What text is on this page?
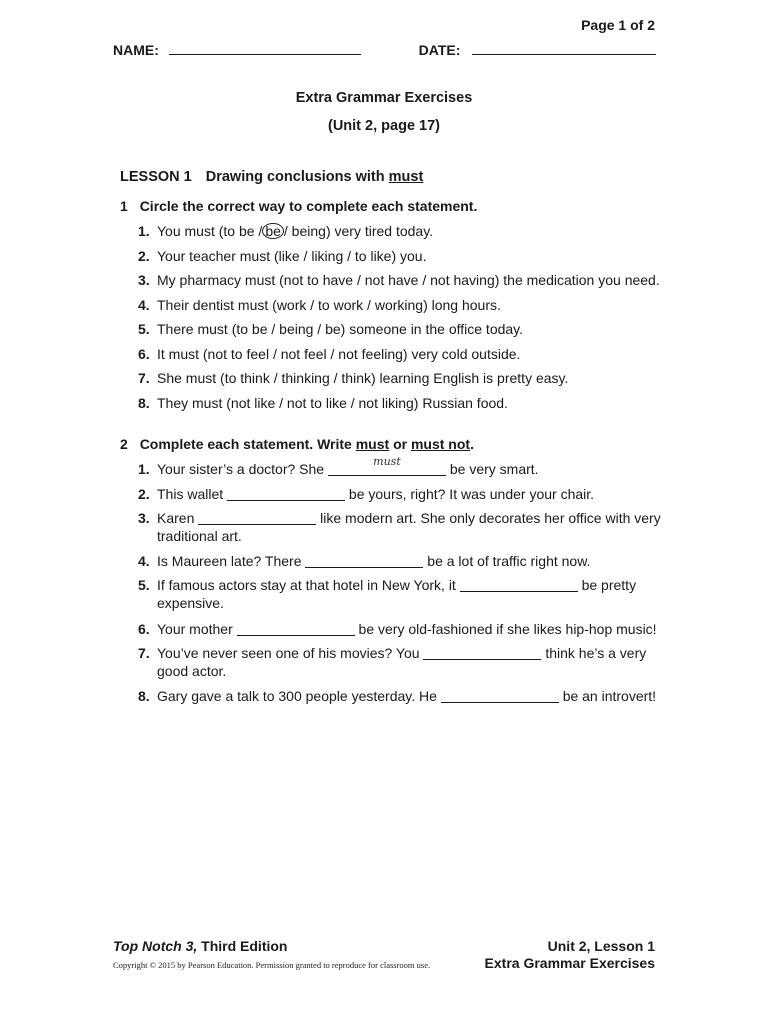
Page 1 of 2
NAME:	DATE:
Extra Grammar Exercises
(Unit 2, page 17)
LESSON 1 Drawing conclusions with must
1 Circle the correct way to complete each statement.
1. You must (to be / be / being) very tired today.
2. Your teacher must (like / liking / to like) you.
3. My pharmacy must (not to have / not have / not having) the medication you need.
4. Their dentist must (work / to work / working) long hours.
5. There must (to be / being / be) someone in the office today.
6. It must (not to feel / not feel / not feeling) very cold outside.
7. She must (to think / thinking / think) learning English is pretty easy.
8. They must (not like / not to like / not liking) Russian food.
2 Complete each statement. Write must or must not.
1. Your sister’s a doctor? She	must	be very smart.
2. This wallet	be yours, right? It was under your chair.
3. Karen	like modern art. She only decorates her office with very traditional art.
4. Is Maureen late? There	be a lot of traffic right now.
5. If famous actors stay at that hotel in New York, it	be pretty expensive.
6. Your mother	be very old-fashioned if she likes hip-hop music!
7. You’ve never seen one of his movies? You	think he’s a very good actor.
8. Gary gave a talk to 300 people yesterday. He	be an introvert!
Top Notch 3, Third Edition
Copyright © 2015 by Pearson Education. Permission granted to reproduce for classroom use.
Unit 2, Lesson 1
Extra Grammar Exercises
